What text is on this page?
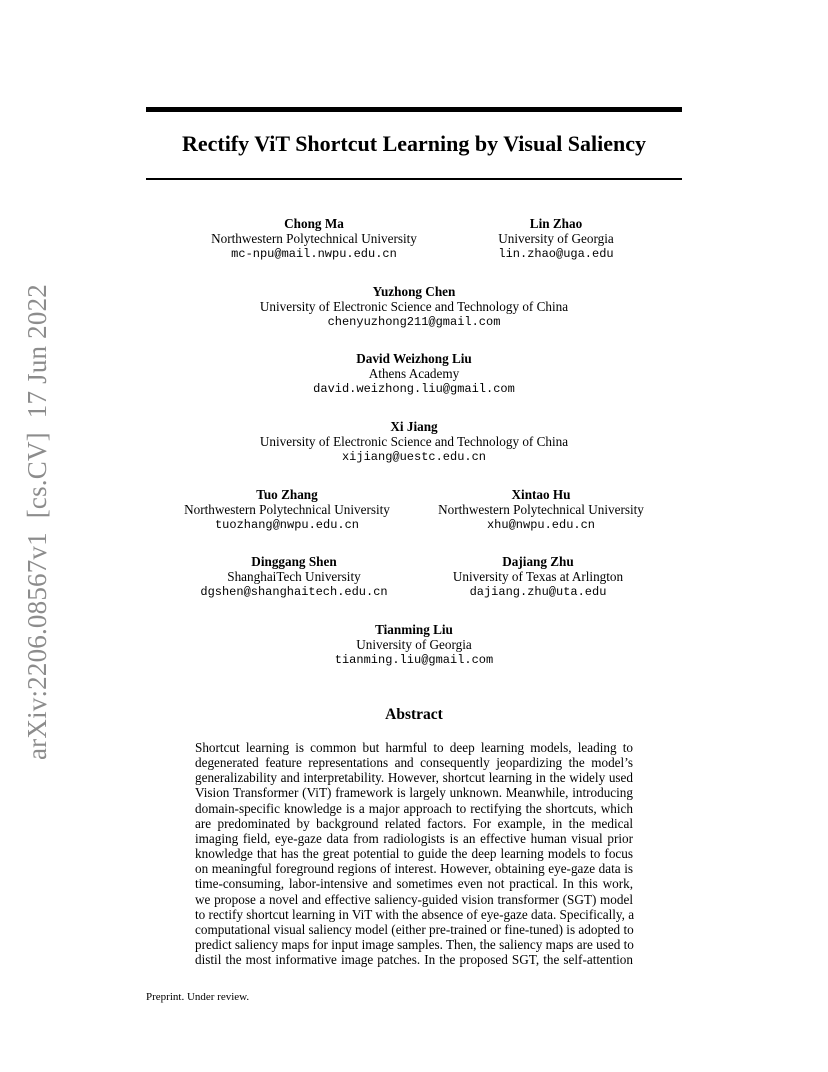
Rectify ViT Shortcut Learning by Visual Saliency
arXiv:2206.08567v1  [cs.CV]  17 Jun 2022
Chong Ma
Northwestern Polytechnical University
mc-npu@mail.nwpu.edu.cn
Lin Zhao
University of Georgia
lin.zhao@uga.edu
Yuzhong Chen
University of Electronic Science and Technology of China
chenyuzhong211@gmail.com
David Weizhong Liu
Athens Academy
david.weizhong.liu@gmail.com
Xi Jiang
University of Electronic Science and Technology of China
xijiang@uestc.edu.cn
Tuo Zhang
Northwestern Polytechnical University
tuozhang@nwpu.edu.cn
Xintao Hu
Northwestern Polytechnical University
xhu@nwpu.edu.cn
Dinggang Shen
ShanghaiTech University
dgshen@shanghaitech.edu.cn
Dajiang Zhu
University of Texas at Arlington
dajiang.zhu@uta.edu
Tianming Liu
University of Georgia
tianming.liu@gmail.com
Abstract
Shortcut learning is common but harmful to deep learning models, leading to
degenerated feature representations and consequently jeopardizing the model’s
generalizability and interpretability. However, shortcut learning in the widely used
Vision Transformer (ViT) framework is largely unknown. Meanwhile, introducing
domain-specific knowledge is a major approach to rectifying the shortcuts, which
are predominated by background related factors. For example, in the medical
imaging field, eye-gaze data from radiologists is an effective human visual prior
knowledge that has the great potential to guide the deep learning models to focus
on meaningful foreground regions of interest. However, obtaining eye-gaze data is
time-consuming, labor-intensive and sometimes even not practical. In this work,
we propose a novel and effective saliency-guided vision transformer (SGT) model
to rectify shortcut learning in ViT with the absence of eye-gaze data. Specifically, a
computational visual saliency model (either pre-trained or fine-tuned) is adopted to
predict saliency maps for input image samples. Then, the saliency maps are used to
distil the most informative image patches. In the proposed SGT, the self-attention
Preprint. Under review.
